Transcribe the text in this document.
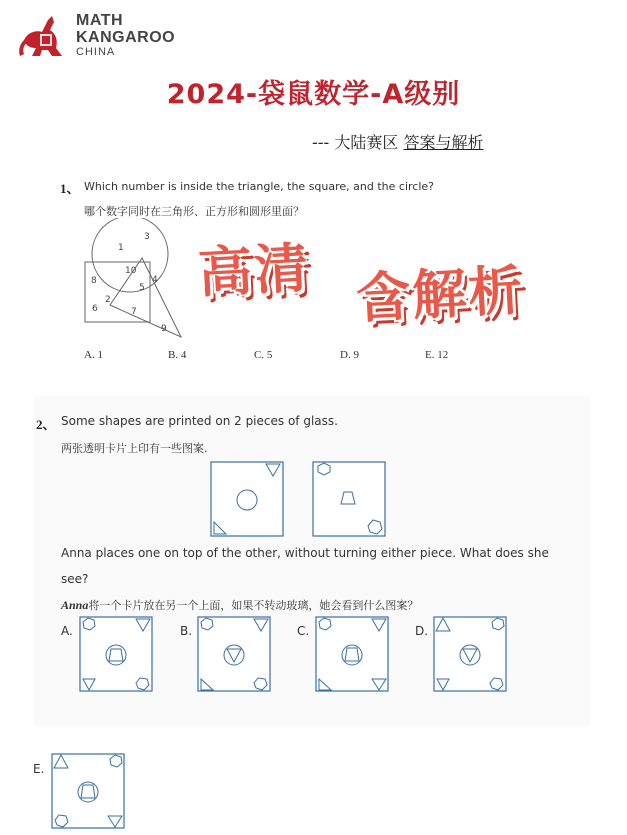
MATH
KANGAROO
CHINA
2024-袋鼠数学-A级别
--- 大陆赛区 答案与解析
1、 Which number is inside the triangle, the square, and the circle?
哪个数字同时在三角形、正方形和圆形里面？
3
1
10
8	4
5
2
6	7
9
高清 含解析
A. 1	B. 4	C. 5	D. 9	E. 12
2、 Some shapes are printed on 2 pieces of glass.
两张透明卡片上印有一些图案.
Anna places one on top of the other, without turning either piece. What does she
see?
Anna将一个卡片放在另一个上面，如果不转动玻璃，她会看到什么图案？
A.	B.	C.	D.
E.
